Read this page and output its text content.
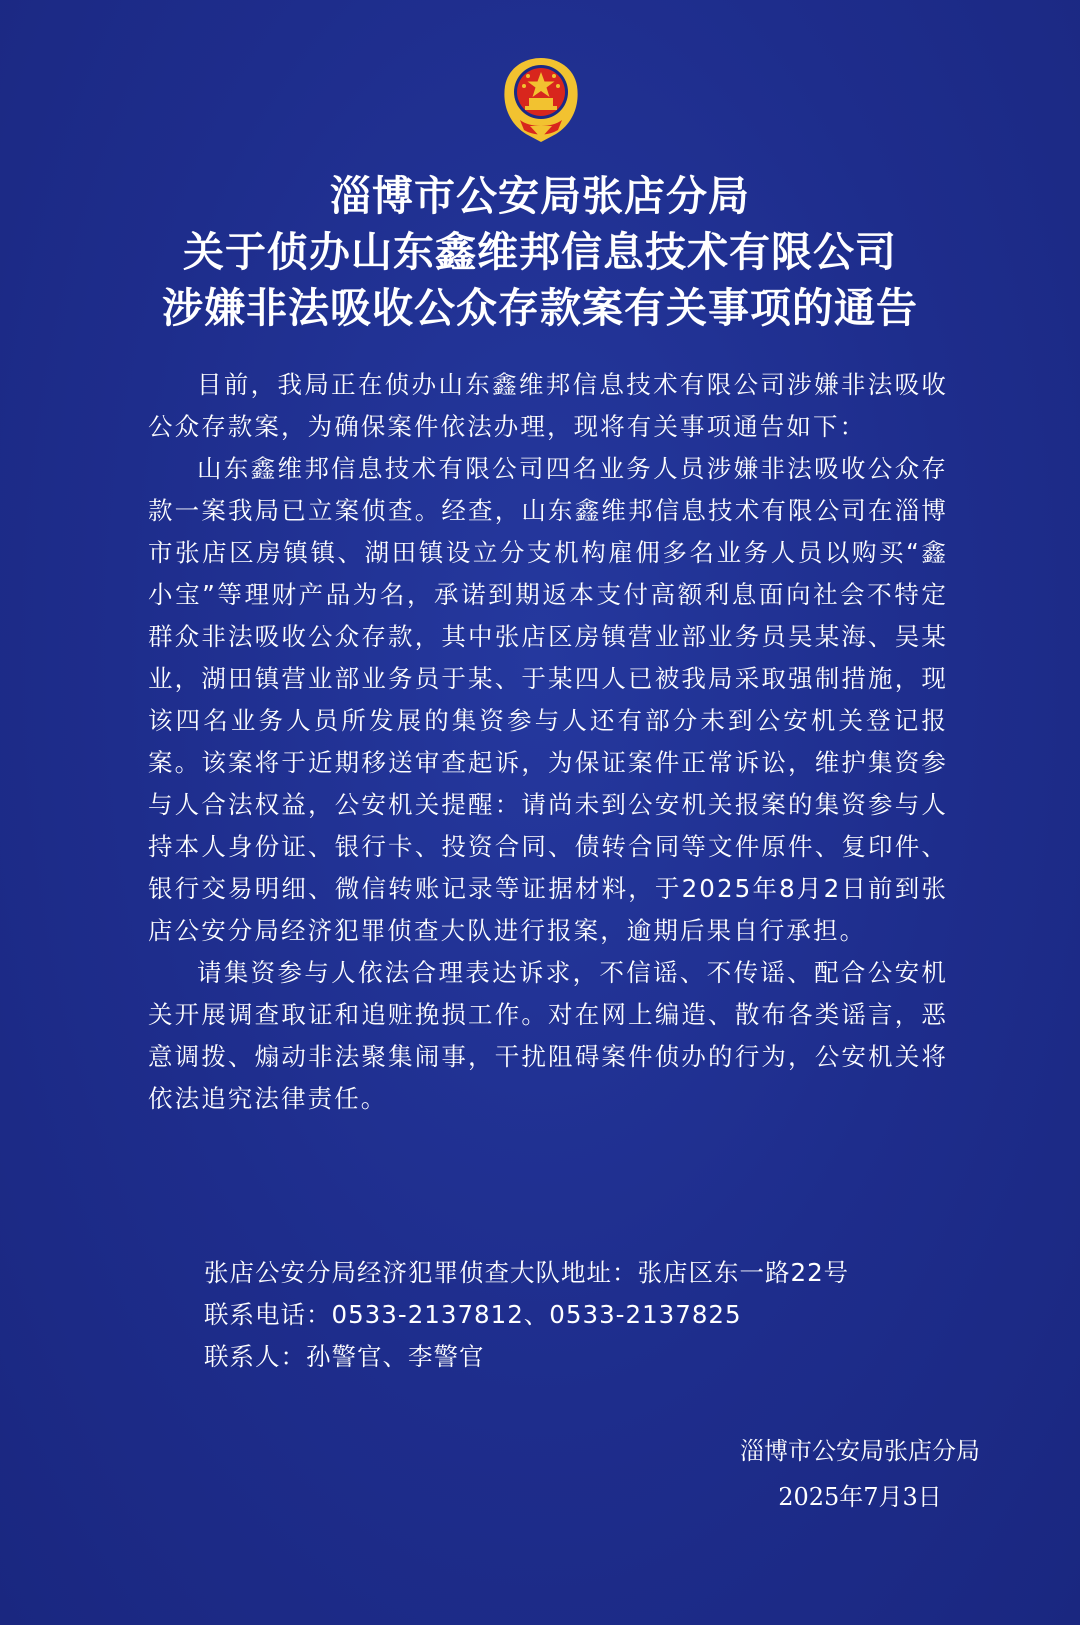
淄博市公安局张店分局
关于侦办山东鑫维邦信息技术有限公司
涉嫌非法吸收公众存款案有关事项的通告

目前，我局正在侦办山东鑫维邦信息技术有限公司涉嫌非法吸收公众存款案，为确保案件依法办理，现将有关事项通告如下：

山东鑫维邦信息技术有限公司四名业务人员涉嫌非法吸收公众存款一案我局已立案侦查。经查，山东鑫维邦信息技术有限公司在淄博市张店区房镇镇、湖田镇设立分支机构雇佣多名业务人员以购买“鑫小宝”等理财产品为名，承诺到期返本支付高额利息面向社会不特定群众非法吸收公众存款，其中张店区房镇营业部业务员吴某海、吴某业，湖田镇营业部业务员于某、于某四人已被我局采取强制措施，现该四名业务人员所发展的集资参与人还有部分未到公安机关登记报案。该案将于近期移送审查起诉，为保证案件正常诉讼，维护集资参与人合法权益，公安机关提醒：请尚未到公安机关报案的集资参与人持本人身份证、银行卡、投资合同、债转合同等文件原件、复印件、银行交易明细、微信转账记录等证据材料，于2025年8月2日前到张店公安分局经济犯罪侦查大队进行报案，逾期后果自行承担。

请集资参与人依法合理表达诉求，不信谣、不传谣、配合公安机关开展调查取证和追赃挽损工作。对在网上编造、散布各类谣言，恶意调拨、煽动非法聚集闹事，干扰阻碍案件侦办的行为，公安机关将依法追究法律责任。

张店公安分局经济犯罪侦查大队地址：张店区东一路22号
联系电话：0533-2137812、0533-2137825
联系人：孙警官、李警官
淄博市公安局张店分局
2025年7月3日
